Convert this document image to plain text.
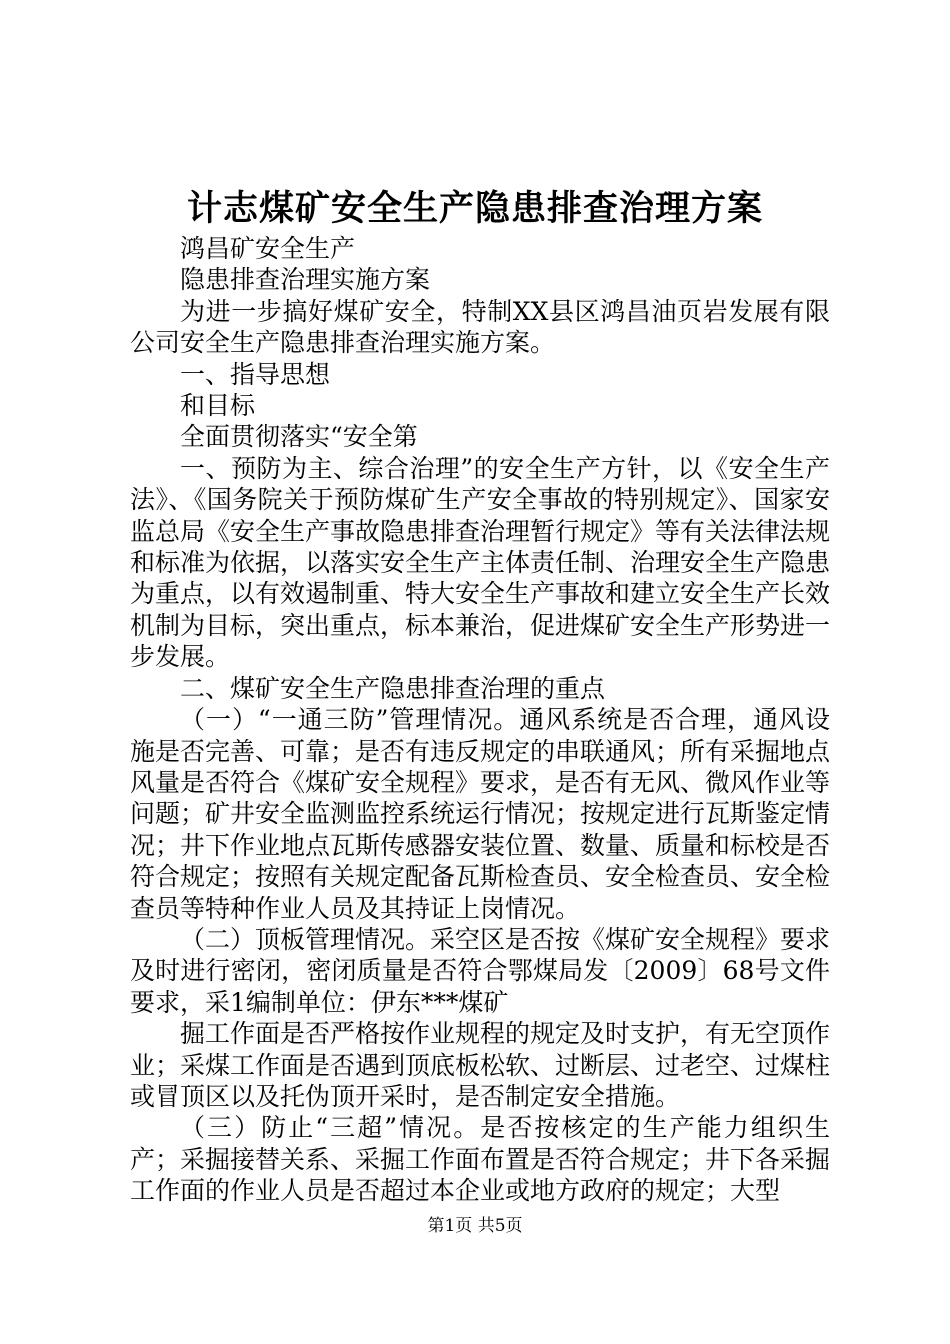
计志煤矿安全生产隐患排查治理方案

鸿昌矿安全生产

隐患排查治理实施方案

为进一步搞好煤矿安全，特制XX县区鸿昌油页岩发展有限公司安全生产隐患排查治理实施方案。

一、指导思想

和目标

全面贯彻落实“安全第

一、预防为主、综合治理”的安全生产方针，以《安全生产法》、《国务院关于预防煤矿生产安全事故的特别规定》、国家安监总局《安全生产事故隐患排查治理暂行规定》等有关法律法规和标准为依据，以落实安全生产主体责任制、治理安全生产隐患为重点，以有效遏制重、特大安全生产事故和建立安全生产长效机制为目标，突出重点，标本兼治，促进煤矿安全生产形势进一步发展。

二、煤矿安全生产隐患排查治理的重点

（一）“一通三防”管理情况。通风系统是否合理，通风设施是否完善、可靠；是否有违反规定的串联通风；所有采掘地点风量是否符合《煤矿安全规程》要求，是否有无风、微风作业等问题；矿井安全监测监控系统运行情况；按规定进行瓦斯鉴定情况；井下作业地点瓦斯传感器安装位置、数量、质量和标校是否符合规定；按照有关规定配备瓦斯检查员、安全检查员、安全检查员等特种作业人员及其持证上岗情况。

（二）顶板管理情况。采空区是否按《煤矿安全规程》要求及时进行密闭，密闭质量是否符合鄂煤局发〔2009〕68号文件要求，采1编制单位：伊东***煤矿

掘工作面是否严格按作业规程的规定及时支护，有无空顶作业；采煤工作面是否遇到顶底板松软、过断层、过老空、过煤柱或冒顶区以及托伪顶开采时，是否制定安全措施。

（三）防止“三超”情况。是否按核定的生产能力组织生产；采掘接替关系、采掘工作面布置是否符合规定；井下各采掘工作面的作业人员是否超过本企业或地方政府的规定；大型

第1页 共5页
